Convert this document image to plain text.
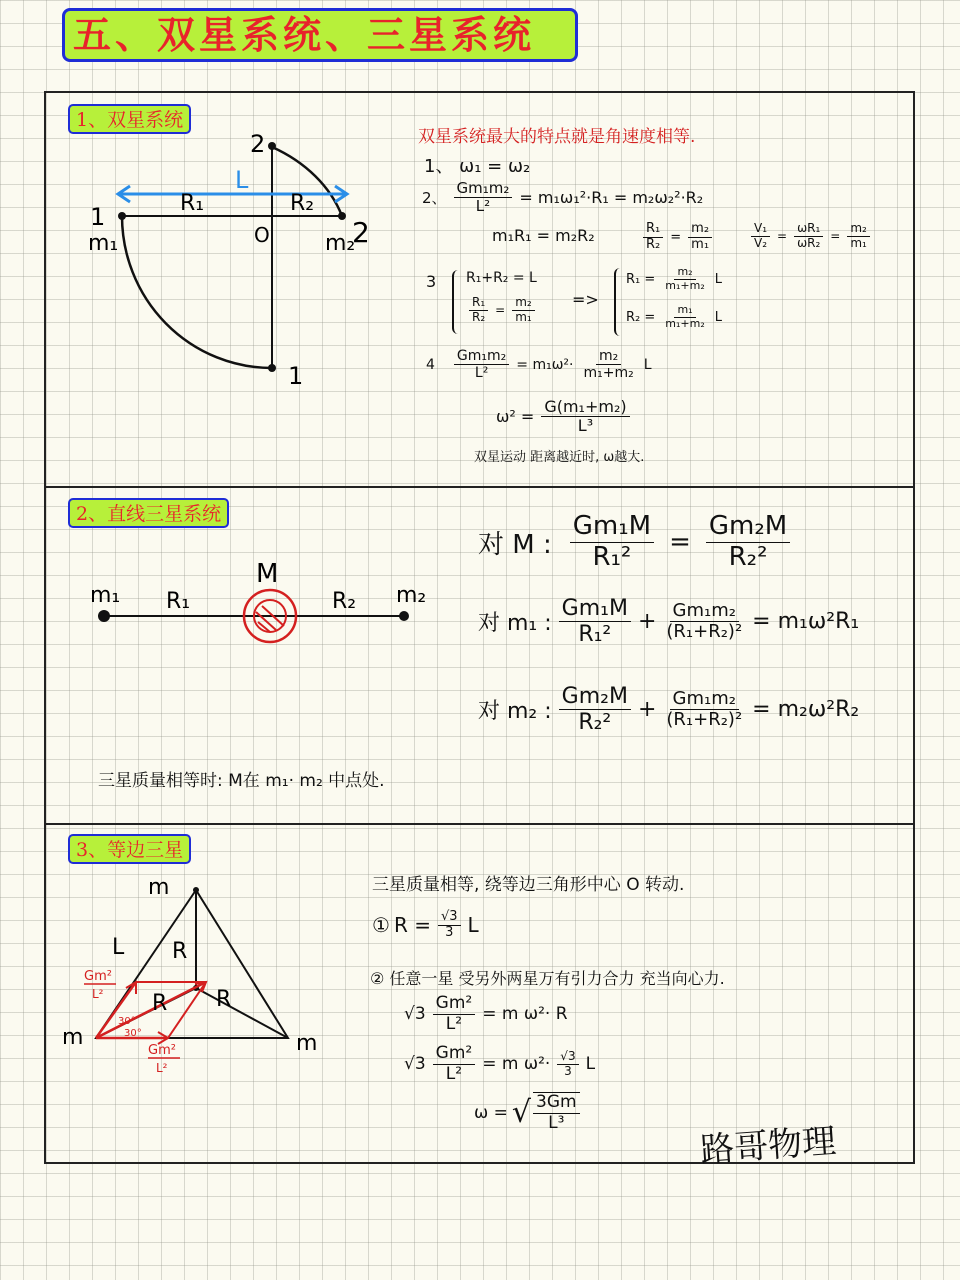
五、双星系统、三星系统
1、双星系统
L
R₁	R₂
O
m₁	m₂
1	2
2
1
双星系统最大的特点就是角速度相等.
1、 ω₁ = ω₂
2、 $\frac{\text{Gm₁m₂}}{\text{L²}} = m_1\omega_1^2\cdot R_1 = m_2\omega_2^2\cdot R_2$
m₁R₁ = m₂R₂	$\frac{\text{R₁}}{\text{R₂}} = \frac{\text{m₂}}{\text{m₁}}$	$\frac{\text{V₁}}{\text{V₂}} = \frac{\text{ωR₁}}{\text{ωR₂}} = \frac{\text{m₂}}{\text{m₁}}$
3 R₁+R₂ = L
$\frac{\text{R₁}}{\text{R₂}} = \frac{\text{m₂}}{\text{m₁}}$ =>
$R_1 = \frac{\text{m₂}}{\text{m₁+m₂}}$ L
$R_2 = \frac{\text{m₁}}{\text{m₁+m₂}}$ L
$4 \frac{\text{Gm₁m₂}}{\text{L²}} = m_1\omega^2\cdot \frac{\text{m₂}}{\text{m₁+m₂}}$ L
$\omega^2 = \frac{\text{G(m₁+m₂)}}{\text{L³}}$
双星运动 距离越近时, ω越大.
2、直线三星系统
m₁ R₁
M
R₂ m₂
对 M : $\frac{\text{Gm₁M}}{\text{R₁²}} = \frac{\text{Gm₂M}}{\text{R₂²}}$
对 m₁ : $\frac{\text{Gm₁M}}{\text{R₁²}} + \frac{\text{Gm₁m₂}}{\text{(R₁+R₂)²}} = m_1\omega^2R_1$
对 m₂ : $\frac{\text{Gm₂M}}{\text{R₂²}} + \frac{\text{Gm₁m₂}}{\text{(R₁+R₂)²}} = m_2\omega^2R_2$
三星质量相等时: M在 m₁· m₂ 中点处.
3、等边三星
m
m	m
L R
R R
Gm²
L²
Gm²
L²
30°
30°
三星质量相等, 绕等边三角形中心 O 转动.
① $R = \frac{√3}{3}$ L
② 任意一星 受另外两星万有引力合力 充当向心力.
$√3 \frac{\text{Gm²}}{\text{L²}} = m$ ω²· R
$√3 \frac{\text{Gm²}}{\text{L²}} = m$ $\omega^2\cdot \frac{√3}{3}$ L
ω = √ $\frac{3Gm}{\text{L³}}$
路哥物理
